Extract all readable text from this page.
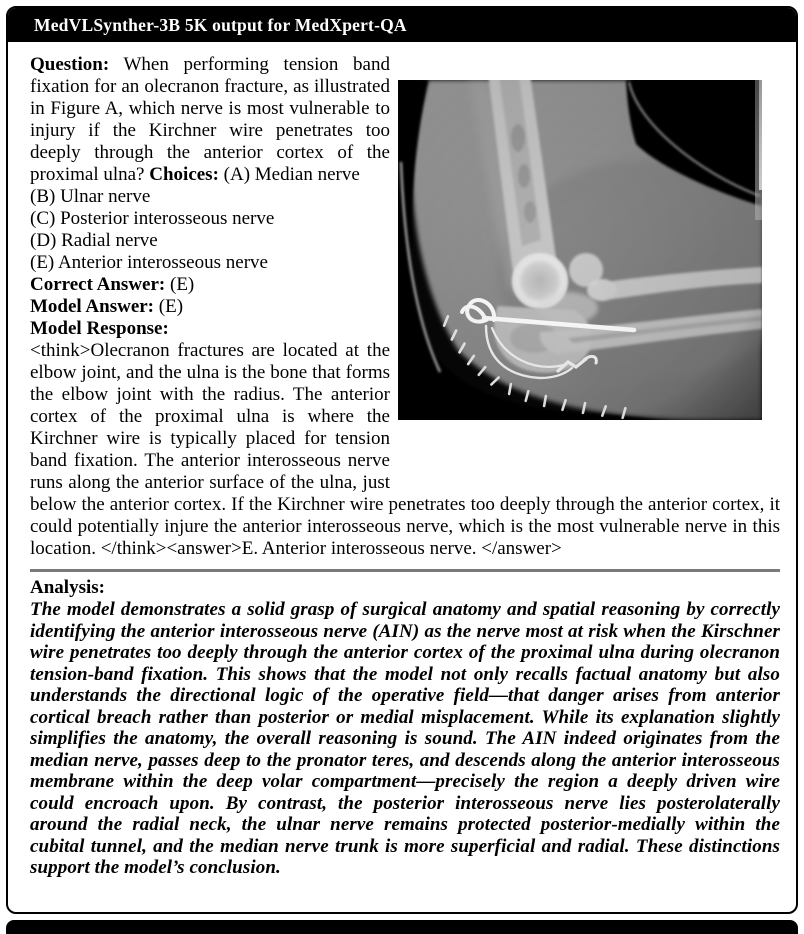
MedVLSynther-3B 5K output for MedXpert-QA
Question: When performing tension band fixation for an olecranon fracture, as illustrated in Figure A, which nerve is most vulnerable to injury if the Kirchner wire penetrates too deeply through the anterior cortex of the proximal ulna? Choices: (A) Median nerve
(B) Ulnar nerve
(C) Posterior interosseous nerve
(D) Radial nerve
(E) Anterior interosseous nerve
Correct Answer: (E)
Model Answer: (E)
Model Response:
<think>Olecranon fractures are located at the elbow joint, and the ulna is the bone that forms the elbow joint with the radius. The anterior cortex of the proximal ulna is where the Kirchner wire is typically placed for tension band fixation. The anterior interosseous nerve runs along the anterior surface of the ulna, just below the anterior cortex. If the Kirchner wire penetrates too deeply through the anterior cortex, it could potentially injure the anterior interosseous nerve, which is the most vulnerable nerve in this location. </think><answer>E. Anterior interosseous nerve. </answer>
Analysis:
The model demonstrates a solid grasp of surgical anatomy and spatial reasoning by correctly identifying the anterior interosseous nerve (AIN) as the nerve most at risk when the Kirschner wire penetrates too deeply through the anterior cortex of the proximal ulna during olecranon tension-band fixation. This shows that the model not only recalls factual anatomy but also understands the directional logic of the operative field—that danger arises from anterior cortical breach rather than posterior or medial misplacement. While its explanation slightly simplifies the anatomy, the overall reasoning is sound. The AIN indeed originates from the median nerve, passes deep to the pronator teres, and descends along the anterior interosseous membrane within the deep volar compartment—precisely the region a deeply driven wire could encroach upon. By contrast, the posterior interosseous nerve lies posterolaterally around the radial neck, the ulnar nerve remains protected posterior-medially within the cubital tunnel, and the median nerve trunk is more superficial and radial. These distinctions support the model’s conclusion.
